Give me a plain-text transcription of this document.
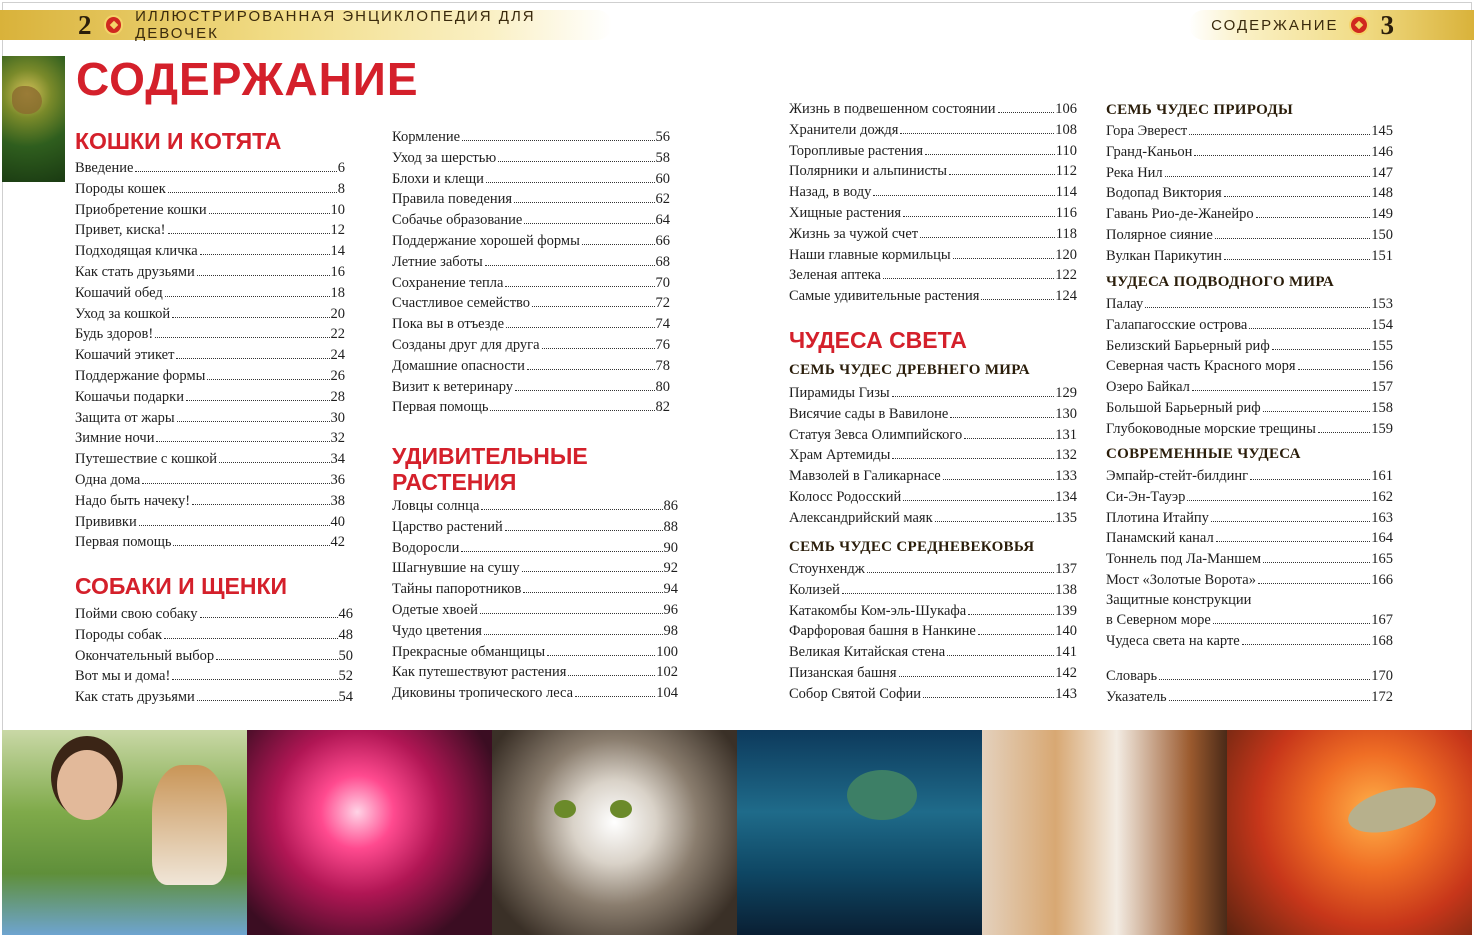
2	ИЛЛЮСТРИРОВАННАЯ ЭНЦИКЛОПЕДИЯ ДЛЯ ДЕВОЧЕК	СОДЕРЖАНИЕ 3
СОДЕРЖАНИЕ
КОШКИ И КОТЯТА
Введение	6
Породы кошек	8
Приобретение кошки	10
Привет, киска!	12
Подходящая кличка	14
Как стать друзьями	16
Кошачий обед	18
Уход за кошкой	20
Будь здоров!	22
Кошачий этикет	24
Поддержание формы	26
Кошачьи подарки	28
Защита от жары	30
Зимние ночи	32
Путешествие с кошкой	34
Одна дома	36
Надо быть начеку!	38
Прививки	40
Первая помощь	42
СОБАКИ И ЩЕНКИ
Пойми свою собаку	46
Породы собак	48
Окончательный выбор	50
Вот мы и дома!	52
Как стать друзьями	54
Кормление	56
Уход за шерстью	58
Блохи и клещи	60
Правила поведения	62
Собачье образование	64
Поддержание хорошей формы	66
Летние заботы	68
Сохранение тепла	70
Счастливое семейство	72
Пока вы в отъезде	74
Созданы друг для друга	76
Домашние опасности	78
Визит к ветеринару	80
Первая помощь	82
УДИВИТЕЛЬНЫЕ
РАСТЕНИЯ
Ловцы солнца	86
Царство растений	88
Водоросли	90
Шагнувшие на сушу	92
Тайны папоротников	94
Одетые хвоей	96
Чудо цветения	98
Прекрасные обманщицы	100
Как путешествуют растения	102
Диковины тропического леса	104
Жизнь в подвешенном состоянии	106
Хранители дождя	108
Торопливые растения	110
Полярники и альпинисты	112
Назад, в воду	114
Хищные растения	116
Жизнь за чужой счет	118
Наши главные кормильцы	120
Зеленая аптека	122
Самые удивительные растения	124
ЧУДЕСА СВЕТА
СЕМЬ ЧУДЕС ДРЕВНЕГО МИРА
Пирамиды Гизы	129
Висячие сады в Вавилоне	130
Статуя Зевса Олимпийского	131
Храм Артемиды	132
Мавзолей в Галикарнасе	133
Колосс Родосский	134
Александрийский маяк	135
СЕМЬ ЧУДЕС СРЕДНЕВЕКОВЬЯ
Стоунхендж	137
Колизей	138
Катакомбы Ком-эль-Шукафа	139
Фарфоровая башня в Нанкине	140
Великая Китайская стена	141
Пизанская башня	142
Собор Святой Софии	143
СЕМЬ ЧУДЕС ПРИРОДЫ
Гора Эверест	145
Гранд-Каньон	146
Река Нил	147
Водопад Виктория	148
Гавань Рио-де-Жанейро	149
Полярное сияние	150
Вулкан Парикутин	151
ЧУДЕСА ПОДВОДНОГО МИРА
Палау	153
Галапагосские острова	154
Белизский Барьерный риф	155
Северная часть Красного моря	156
Озеро Байкал	157
Большой Барьерный риф	158
Глубоководные морские трещины	159
СОВРЕМЕННЫЕ ЧУДЕСА
Эмпайр-стейт-билдинг	161
Си-Эн-Тауэр	162
Плотина Итайпу	163
Панамский канал	164
Тоннель под Ла-Маншем	165
Мост «Золотые Ворота»	166
Защитные конструкции
в Северном море	167
Чудеса света на карте	168
Словарь	170
Указатель	172
